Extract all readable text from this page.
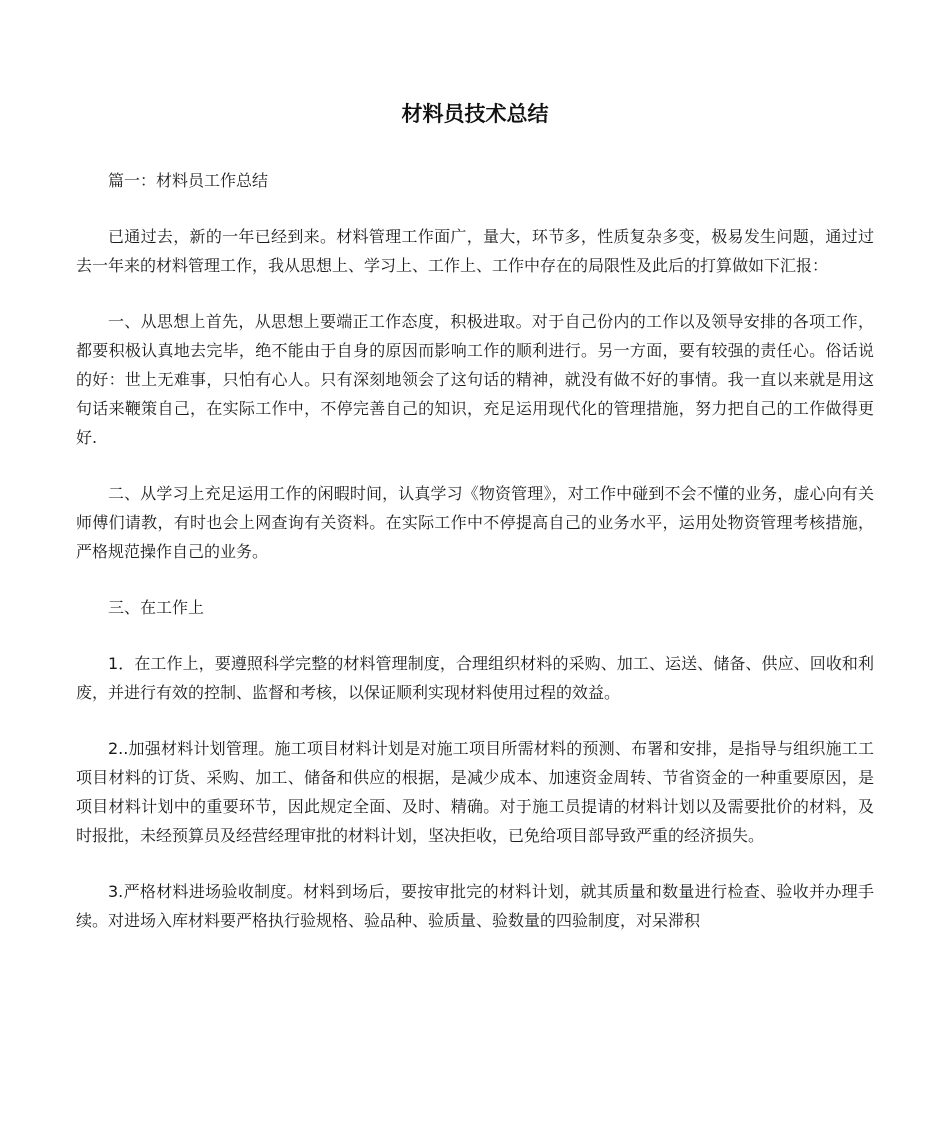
材料员技术总结

篇一：材料员工作总结

已通过去，新的一年已经到来。材料管理工作面广，量大，环节多，性质复杂多变，极易发生问题，通过过去一年来的材料管理工作，我从思想上、学习上、工作上、工作中存在的局限性及此后的打算做如下汇报：

一、从思想上首先，从思想上要端正工作态度，积极进取。对于自己份内的工作以及领导安排的各项工作，都要积极认真地去完毕，绝不能由于自身的原因而影响工作的顺利进行。另一方面，要有较强的责任心。俗话说的好：世上无难事，只怕有心人。只有深刻地领会了这句话的精神，就没有做不好的事情。我一直以来就是用这句话来鞭策自己，在实际工作中，不停完善自己的知识，充足运用现代化的管理措施，努力把自己的工作做得更好.

二、从学习上充足运用工作的闲暇时间，认真学习《物资管理》，对工作中碰到不会不懂的业务，虚心向有关师傅们请教，有时也会上网查询有关资料。在实际工作中不停提高自己的业务水平，运用处物资管理考核措施，严格规范操作自己的业务。

三、在工作上

1．在工作上，要遵照科学完整的材料管理制度，合理组织材料的采购、加工、运送、储备、供应、回收和利废，并进行有效的控制、监督和考核，以保证顺利实现材料使用过程的效益。

2..加强材料计划管理。施工项目材料计划是对施工项目所需材料的预测、布署和安排，是指导与组织施工工项目材料的订货、采购、加工、储备和供应的根据，是减少成本、加速资金周转、节省资金的一种重要原因，是项目材料计划中的重要环节，因此规定全面、及时、精确。对于施工员提请的材料计划以及需要批价的材料，及时报批，未经预算员及经营经理审批的材料计划，坚决拒收，已免给项目部导致严重的经济损失。

3.严格材料进场验收制度。材料到场后，要按审批完的材料计划，就其质量和数量进行检查、验收并办理手续。对进场入库材料要严格执行验规格、验品种、验质量、验数量的四验制度，对呆滞积
